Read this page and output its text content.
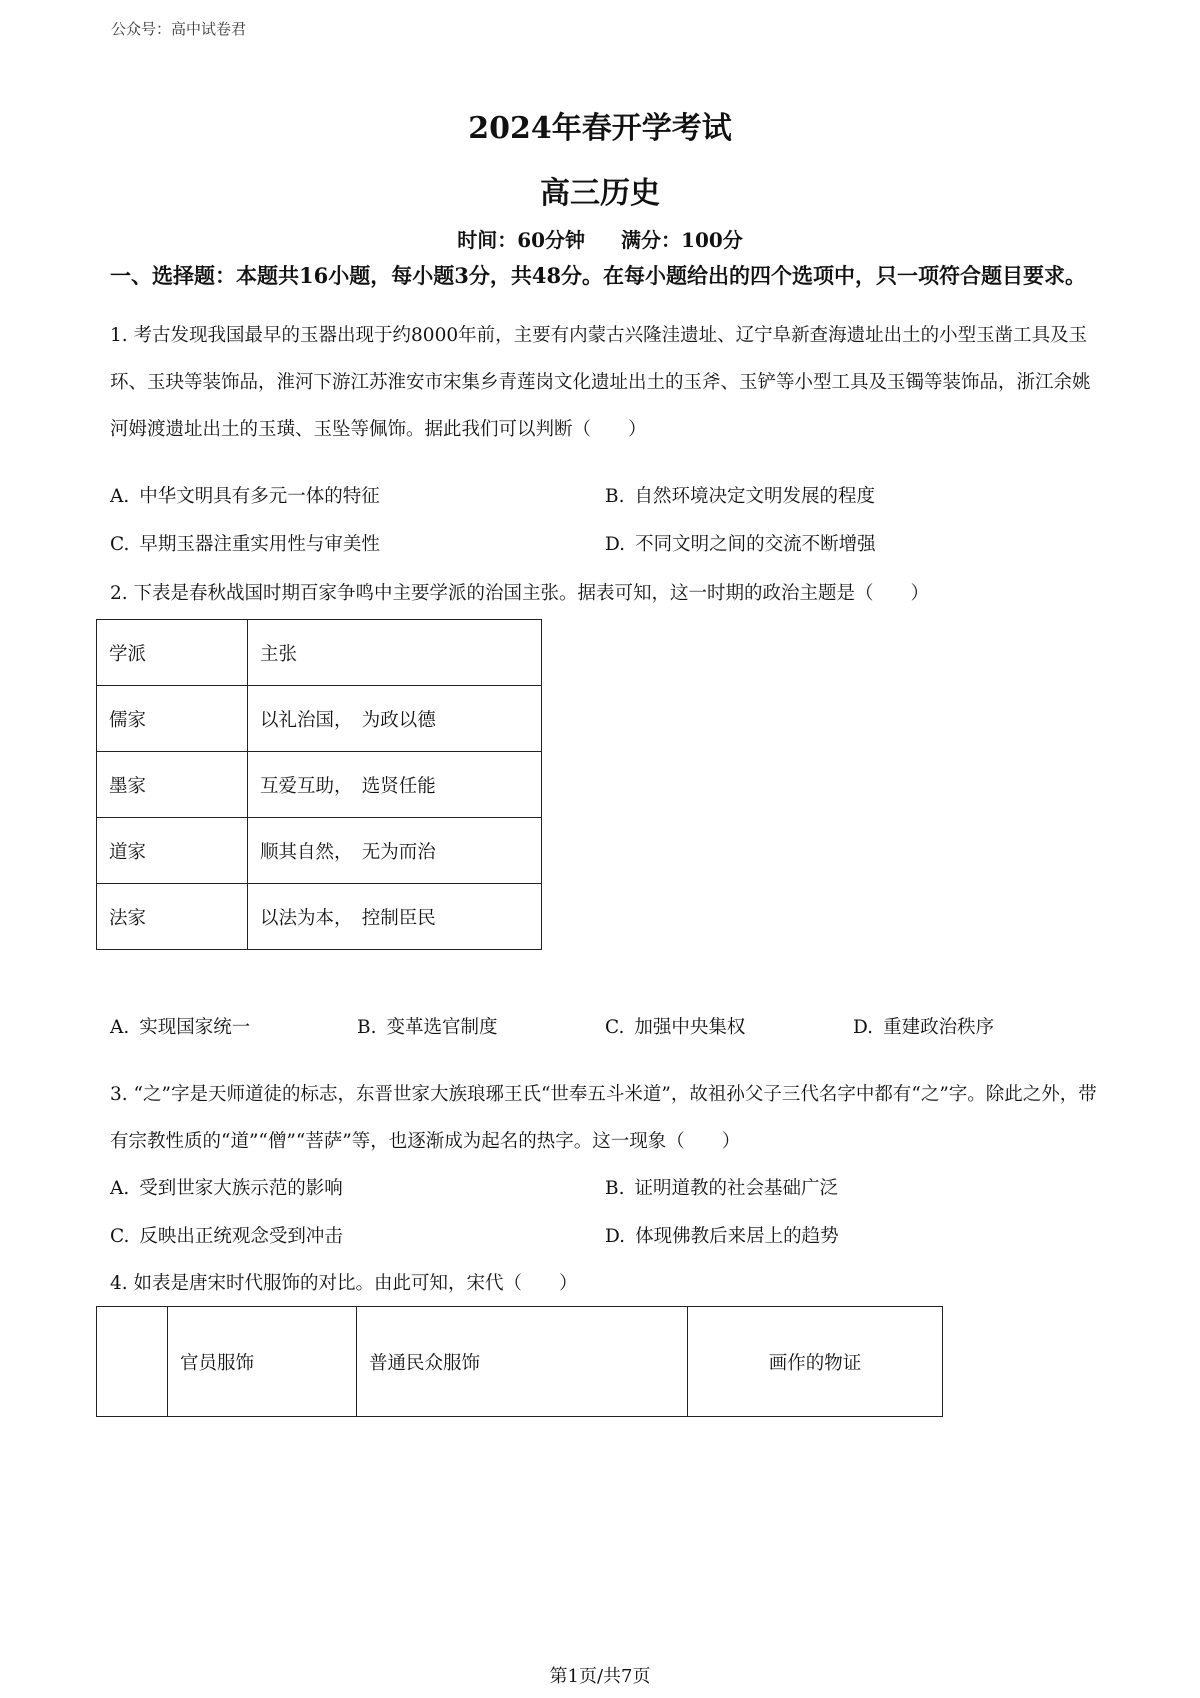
公众号：高中试卷君
2024年春开学考试
高三历史
时间：60分钟 满分：100分
一、选择题：本题共16小题，每小题3分，共48分。在每小题给出的四个选项中，只一项符合题目要求。
1. 考古发现我国最早的玉器出现于约8000年前，主要有内蒙古兴隆洼遗址、辽宁阜新查海遗址出土的小型玉凿工具及玉环、玉玦等装饰品，淮河下游江苏淮安市宋集乡青莲岗文化遗址出土的玉斧、玉铲等小型工具及玉镯等装饰品，浙江余姚河姆渡遗址出土的玉璜、玉坠等佩饰。据此我们可以判断（　　）
A. 中华文明具有多元一体的特征	B. 自然环境决定文明发展的程度
C. 早期玉器注重实用性与审美性	D. 不同文明之间的交流不断增强
2. 下表是春秋战国时期百家争鸣中主要学派的治国主张。据表可知，这一时期的政治主题是（　　）
学派	主张
儒家	以礼治国，　为政以德
墨家	互爱互助，　选贤任能
道家	顺其自然，　无为而治
法家	以法为本，　控制臣民
A. 实现国家统一	B. 变革选官制度	C. 加强中央集权	D. 重建政治秩序
3. “之”字是天师道徒的标志，东晋世家大族琅琊王氏“世奉五斗米道”，故祖孙父子三代名字中都有“之”字。除此之外，带有宗教性质的“道”“僧”“菩萨”等，也逐渐成为起名的热字。这一现象（　　）
A. 受到世家大族示范的影响	B. 证明道教的社会基础广泛
C. 反映出正统观念受到冲击	D. 体现佛教后来居上的趋势
4. 如表是唐宋时代服饰的对比。由此可知，宋代（　　）
	官员服饰	普通民众服饰	画作的物证
第1页/共7页
